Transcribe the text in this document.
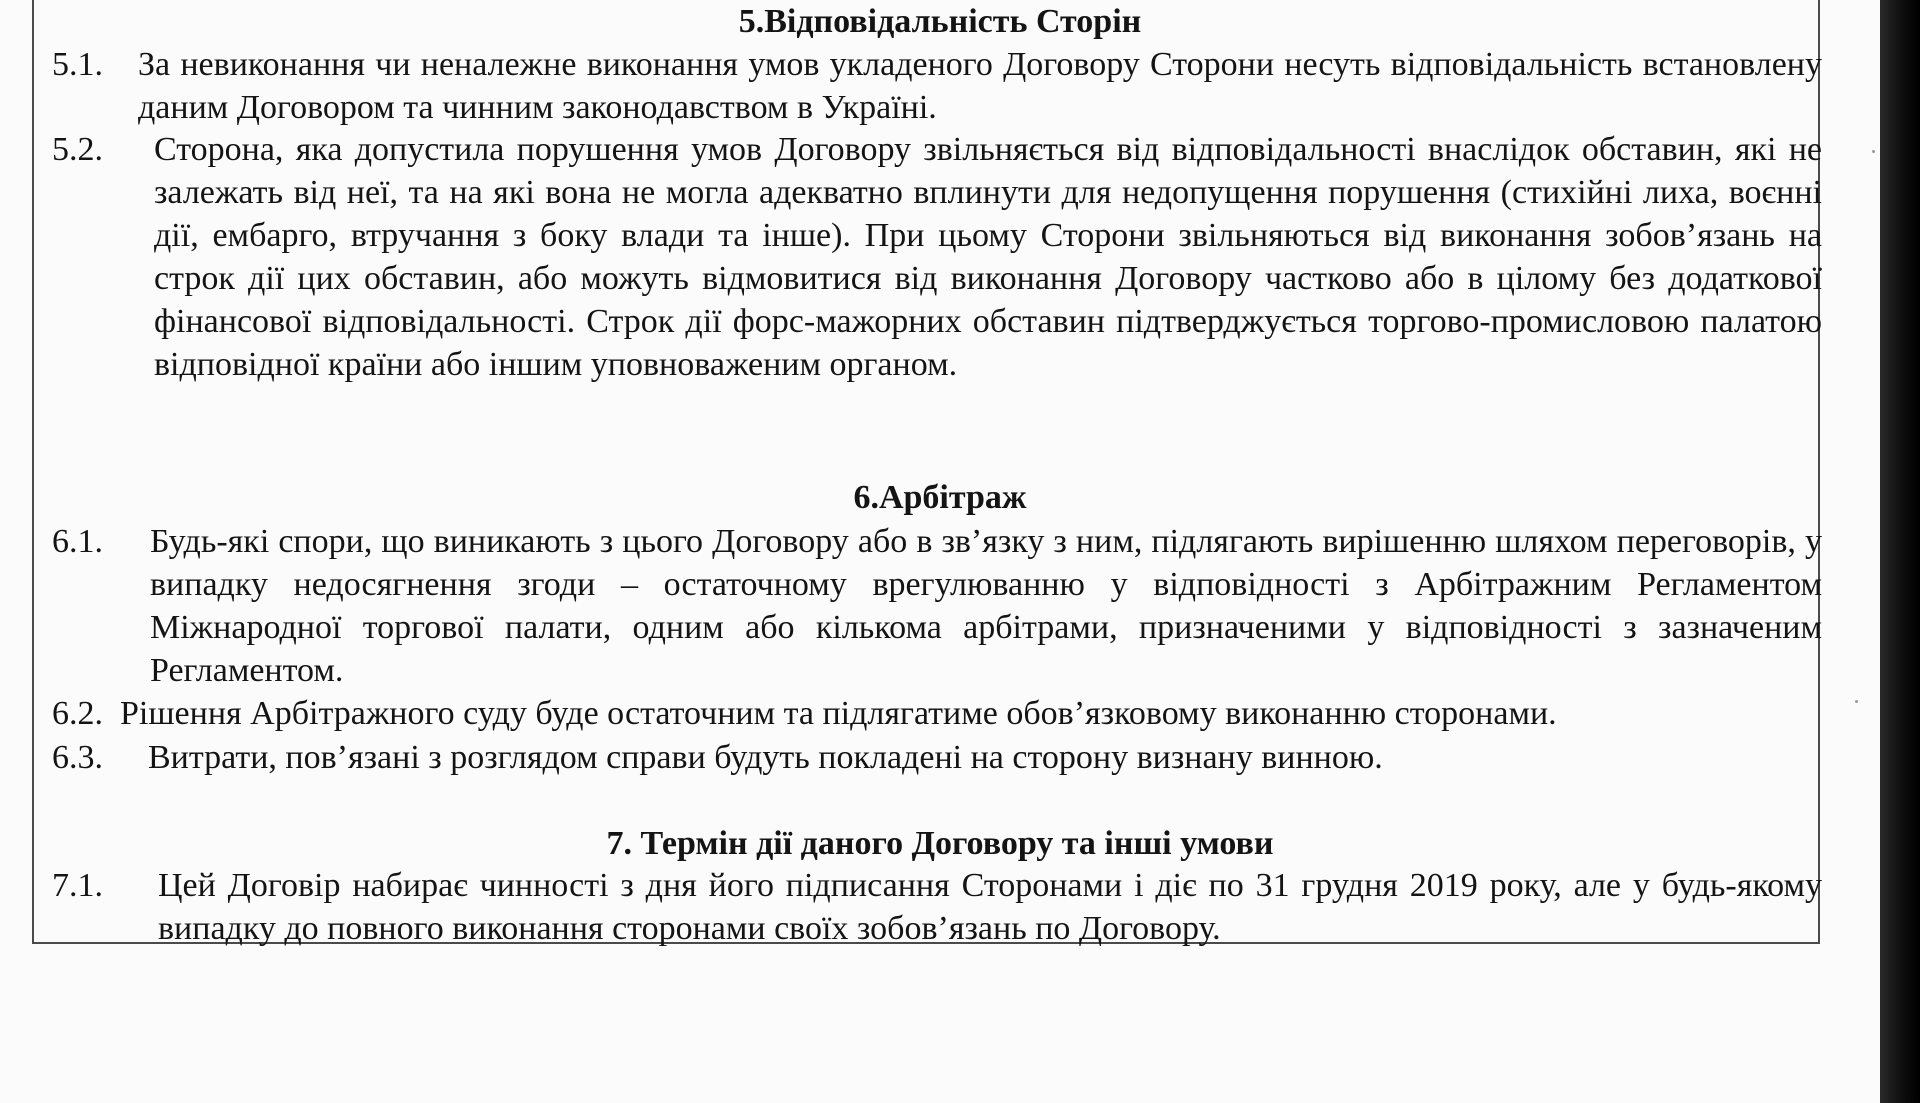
5.Відповідальність Сторін
5.1. За невиконання чи неналежне виконання умов укладеного Договору Сторони несуть відповідальність встановлену даним Договором та чинним законодавством в Україні.
5.2. Сторона, яка допустила порушення умов Договору звільняється від відповідальності внаслідок обставин, які не залежать від неї, та на які вона не могла адекватно вплинути для недопущення порушення (стихійні лиха, воєнні дії, ембарго, втручання з боку влади та інше). При цьому Сторони звільняються від виконання зобов’язань на строк дії цих обставин, або можуть відмовитися від виконання Договору частково або в цілому без додаткової фінансової відповідальності. Строк дії форс-мажорних обставин підтверджується торгово-промисловою палатою відповідної країни або іншим уповноваженим органом.
6.Арбітраж
6.1. Будь-які спори, що виникають з цього Договору або в зв’язку з ним, підлягають вирішенню шляхом переговорів, у випадку недосягнення згоди – остаточному врегулюванню у відповідності з Арбітражним Регламентом Міжнародної торгової палати, одним або кількома арбітрами, призначеними у відповідності з зазначеним Регламентом.
6.2. Рішення Арбітражного суду буде остаточним та підлягатиме обов’язковому виконанню сторонами.
6.3. Витрати, пов’язані з розглядом справи будуть покладені на сторону визнану винною.
7. Термін дії даного Договору та інші умови
7.1. Цей Договір набирає чинності з дня його підписання Сторонами і діє по 31 грудня 2019 року, але у будь-якому випадку до повного виконання сторонами своїх зобов’язань по Договору.
